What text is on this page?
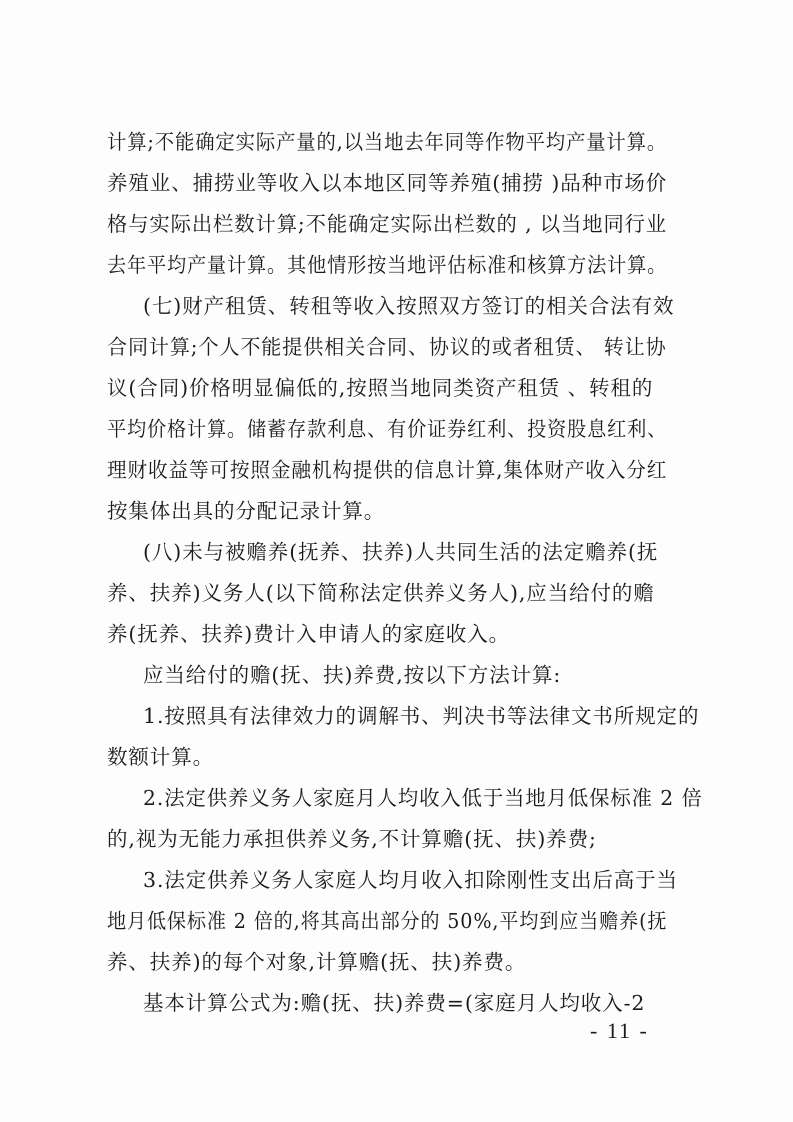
计算;不能确定实际产量的,以当地去年同等作物平均产量计算。
养殖业、捕捞业等收入以本地区同等养殖(捕捞 )品种市场价
格与实际出栏数计算;不能确定实际出栏数的 , 以当地同行业
去年平均产量计算。其他情形按当地评估标准和核算方法计算。
(七)财产租赁、转租等收入按照双方签订的相关合法有效
合同计算;个人不能提供相关合同、协议的或者租赁、 转让协
议(合同)价格明显偏低的,按照当地同类资产租赁 、转租的
平均价格计算。储蓄存款利息、有价证券红利、投资股息红利、
理财收益等可按照金融机构提供的信息计算,集体财产收入分红
按集体出具的分配记录计算。
(八)未与被赡养(抚养、扶养)人共同生活的法定赡养(抚
养、扶养)义务人(以下简称法定供养义务人),应当给付的赡
养(抚养、扶养)费计入申请人的家庭收入。
应当给付的赡(抚、扶)养费,按以下方法计算:
1.按照具有法律效力的调解书、判决书等法律文书所规定的
数额计算。
2.法定供养义务人家庭月人均收入低于当地月低保标准 2 倍
的,视为无能力承担供养义务,不计算赡(抚、扶)养费;
3.法定供养义务人家庭人均月收入扣除刚性支出后高于当
地月低保标准 2 倍的,将其高出部分的 50%,平均到应当赡养(抚
养、扶养)的每个对象,计算赡(抚、扶)养费。
基本计算公式为:赡(抚、扶)养费=(家庭月人均收入-2
- 11 -
